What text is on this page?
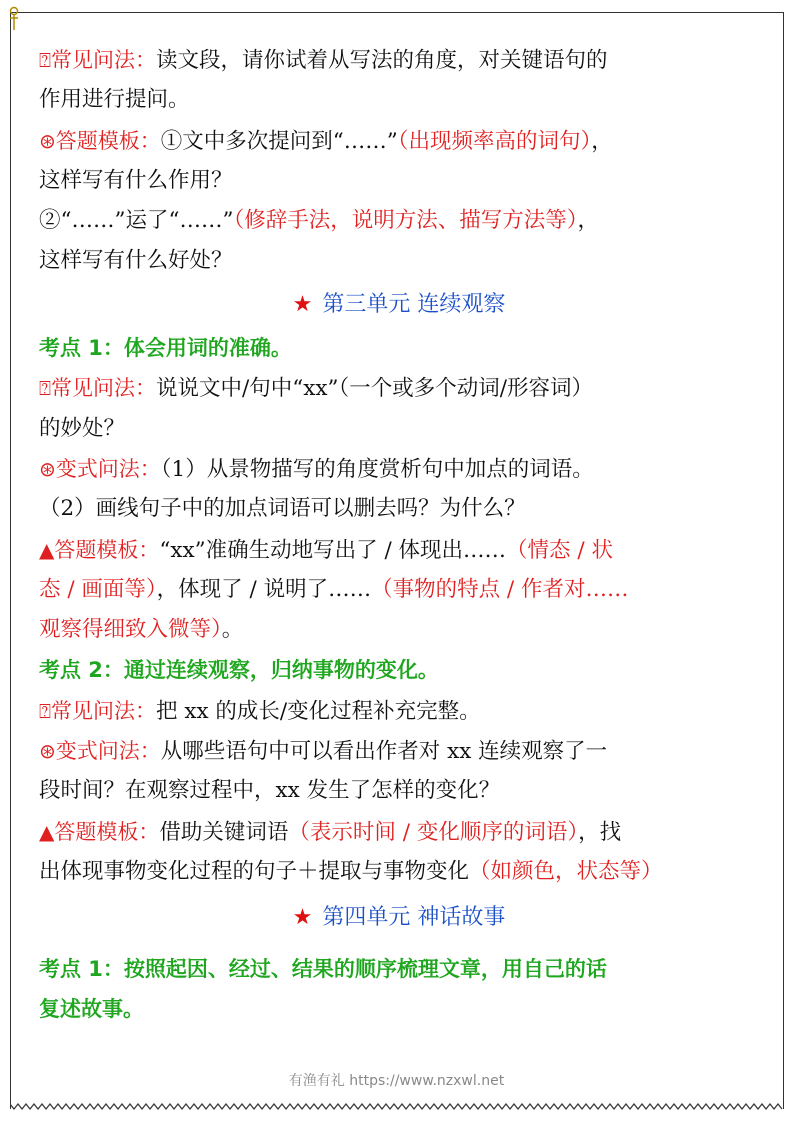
⍰常见问法：读文段，请你试着从写法的角度，对关键语句的
作用进行提问。
⊛答题模板：①文中多次提问到“……”（出现频率高的词句），
这样写有什么作用？
②“……”运了“……”（修辞手法，说明方法、描写方法等），
这样写有什么好处？
★ 第三单元 连续观察
考点 1：体会用词的准确。
⍰常见问法：说说文中/句中“xx”（一个或多个动词/形容词）
的妙处？
⊛变式问法：（1）从景物描写的角度赏析句中加点的词语。
（2）画线句子中的加点词语可以删去吗？为什么？
▲答题模板：“xx”准确生动地写出了 / 体现出……（情态 / 状
态 / 画面等），体现了 / 说明了……（事物的特点 / 作者对……
观察得细致入微等）。
考点 2：通过连续观察，归纳事物的变化。
⍰常见问法：把 xx 的成长/变化过程补充完整。
⊛变式问法：从哪些语句中可以看出作者对 xx 连续观察了一
段时间？在观察过程中，xx 发生了怎样的变化？
▲答题模板：借助关键词语（表示时间 / 变化顺序的词语），找
出体现事物变化过程的句子＋提取与事物变化（如颜色，状态等）
★ 第四单元 神话故事
考点 1：按照起因、经过、结果的顺序梳理文章，用自己的话
复述故事。
有渔有礼 https://www.nzxwl.net
